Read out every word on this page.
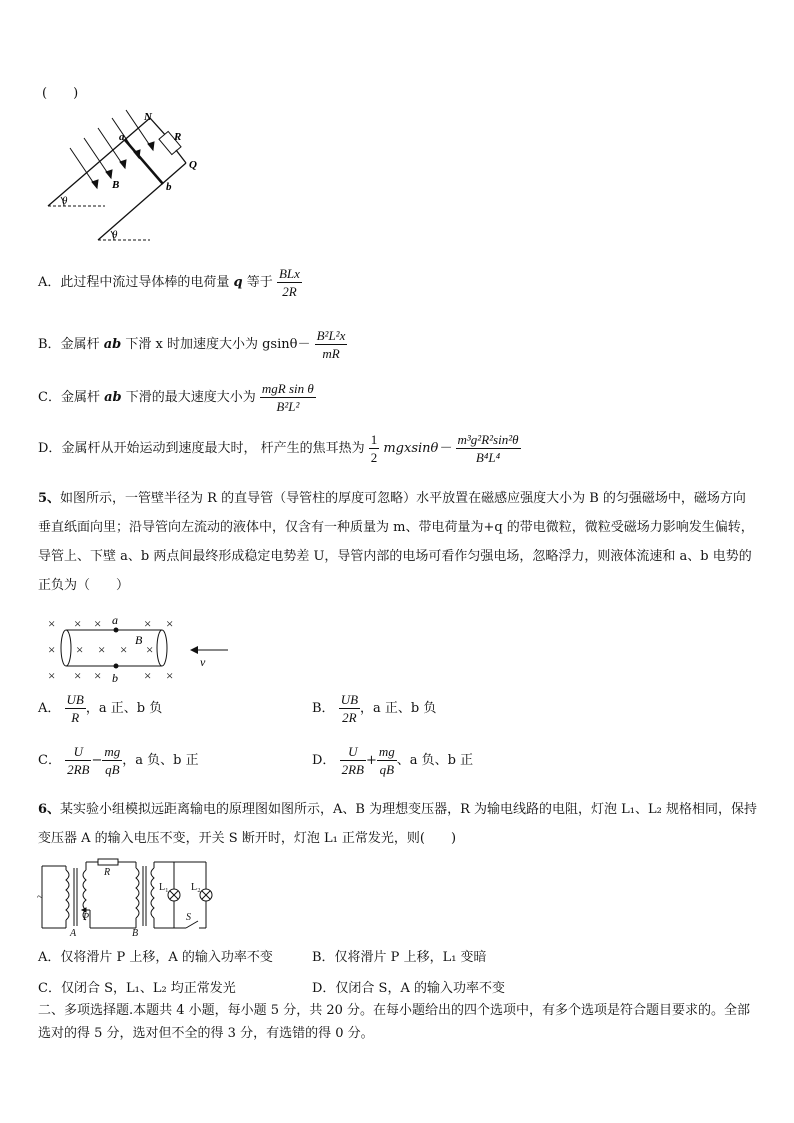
(　　)
N
a	R
Q
b
B
θ
θ
A．此过程中流过导体棒的电荷量 q 等于 $\frac{\text{BLx}}{2R}$
B．金属杆 ab 下滑 x 时加速度大小为 $gsin\theta- \frac{\text{B²L²x}}{mR}$
C．金属杆 ab 下滑的最大速度大小为 $\frac{\text{mgR sin θ}}{\text{B²L²}}$
D．金属杆从开始运动到速度最大时， 杆产生的焦耳热为 $\frac{1}{2} mgxsin\theta- \frac{\text{m³g²R²sin²θ}}{\text{B⁴L⁴}}$
5、如图所示，一管壁半径为 R 的直导管（导管柱的厚度可忽略）水平放置在磁感应强度大小为 B 的匀强磁场中，磁场方向垂直纸面向里；沿导管向左流动的液体中，仅含有一种质量为 m、带电荷量为+q 的带电微粒，微粒受磁场力影响发生偏转，导管上、下壁 a、b 两点间最终形成稳定电势差 U，导管内部的电场可看作匀强电场，忽略浮力，则液体流速和 a、b 电势的正负为（　　）
× × ×	× ×
× × × × ×
× × ×	× ×
a
b
B
v
A． $\frac{UB}{R}$ ，a 正、b 负	B． $\frac{UB}{2R}$ ，a 正、b 负
C． $\frac{U}{2RB} - \frac{mg}{qB}$ ，a 负、b 正	D． $\frac{U}{2RB} + \frac{mg}{qB}$ 、a 负、b 正
6、某实验小组模拟远距离输电的原理图如图所示，A、B 为理想变压器，R 为输电线路的电阻，灯泡 L₁、L₂ 规格相同，保持变压器 A 的输入电压不变，开关 S 断开时，灯泡 L₁ 正常发光，则(　　)
~
R
P
A	B
L₁ L₂
S
A．仅将滑片 P 上移，A 的输入功率不变	B．仅将滑片 P 上移，L₁ 变暗
C．仅闭合 S，L₁、L₂ 均正常发光	D．仅闭合 S，A 的输入功率不变
二、多项选择题.本题共 4 小题，每小题 5 分，共 20 分。在每小题给出的四个选项中，有多个选项是符合题目要求的。全部选对的得 5 分，选对但不全的得 3 分，有选错的得 0 分。
